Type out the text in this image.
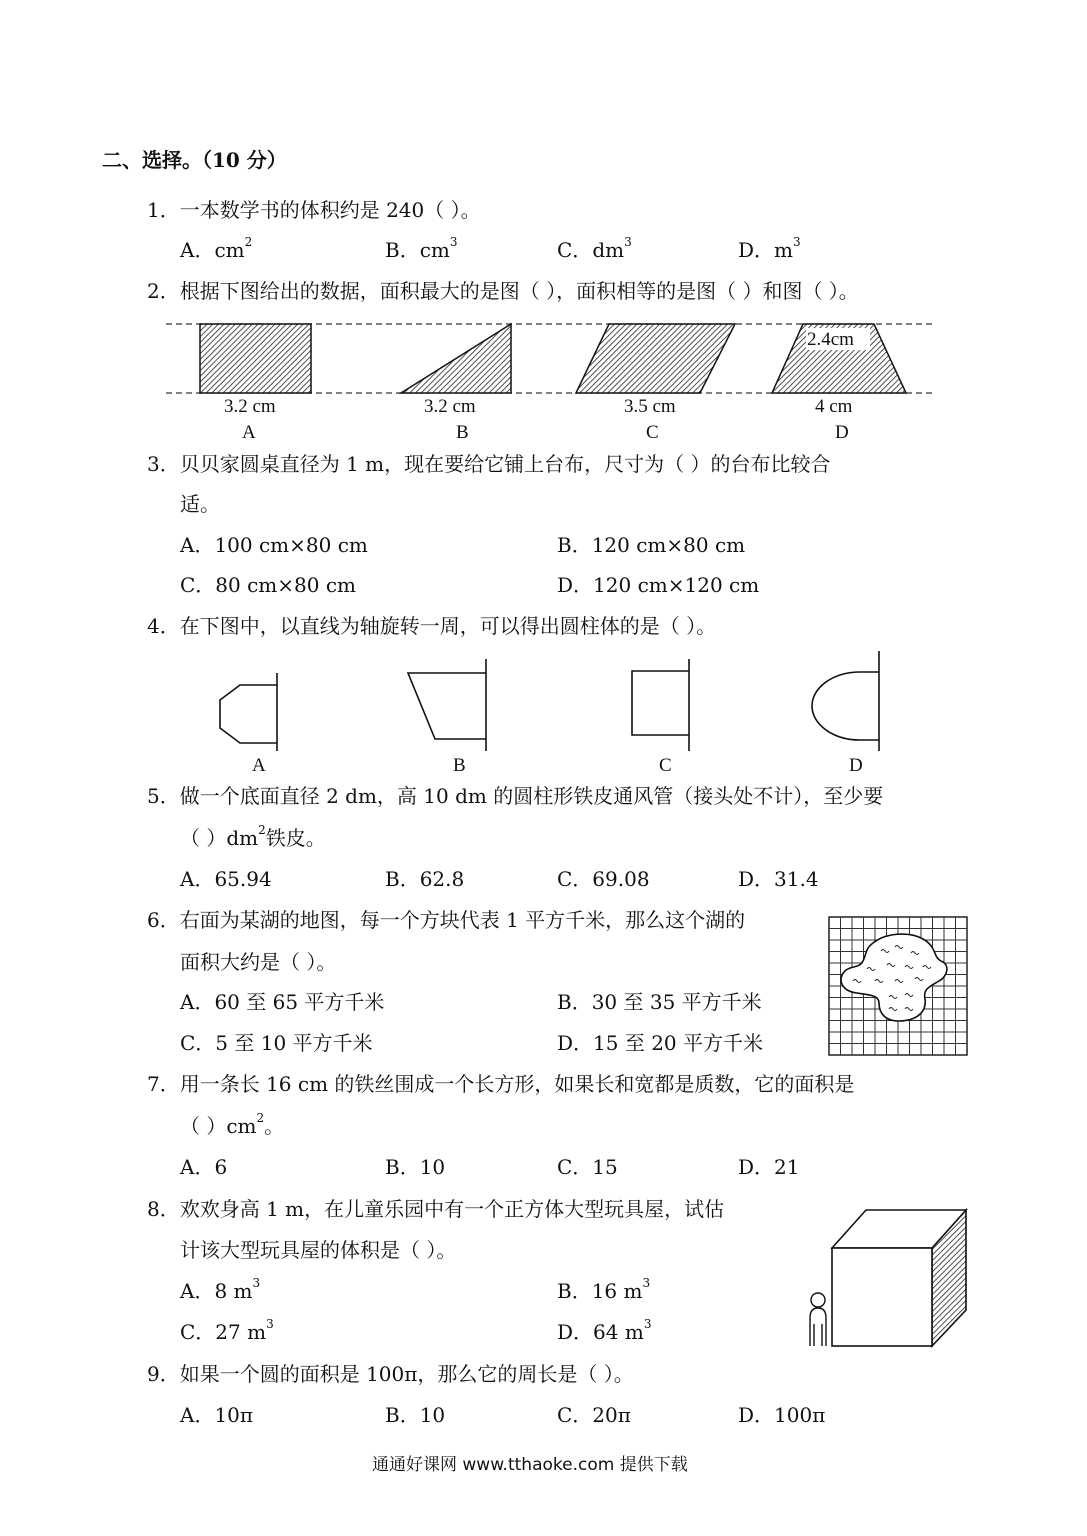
二、选择。（10 分）
1．一本数学书的体积约是 240（ ）。
A．$cm^2$	B．$cm^3$	C．$dm^3$	D．$m^3$
2．根据下图给出的数据，面积最大的是图（ ），面积相等的是图（ ）和图（ ）。
2.4cm
3.2 cm	3.2 cm	3.5 cm	4 cm
A	B	C	D
3．贝贝家圆桌直径为 1 m，现在要给它铺上台布，尺寸为（ ）的台布比较合
适。
A．100 cm×80 cm	B．120 cm×80 cm
C．80 cm×80 cm	D．120 cm×120 cm
4．在下图中，以直线为轴旋转一周，可以得出圆柱体的是（ ）。
A	B	C	D
5．做一个底面直径 2 dm，高 10 dm 的圆柱形铁皮通风管（接头处不计），至少要
（ ）$dm^2$铁皮。
A．65.94	B．62.8	C．69.08	D．31.4
6．右面为某湖的地图，每一个方块代表 1 平方千米，那么这个湖的
面积大约是（ ）。
A．60 至 65 平方千米	B．30 至 35 平方千米
C．5 至 10 平方千米	D．15 至 20 平方千米
7．用一条长 16 cm 的铁丝围成一个长方形，如果长和宽都是质数，它的面积是
（ ）$cm^2$。
A．6	B．10	C．15	D．21
8．欢欢身高 1 m，在儿童乐园中有一个正方体大型玩具屋，试估
计该大型玩具屋的体积是（ ）。
A．8 $m^3$	B．16 $m^3$
C．27 $m^3$	D．64 $m^3$
9．如果一个圆的面积是 100π，那么它的周长是（ ）。
A．10π	B．10	C．20π	D．100π
通通好课网 www.tthaoke.com 提供下载
